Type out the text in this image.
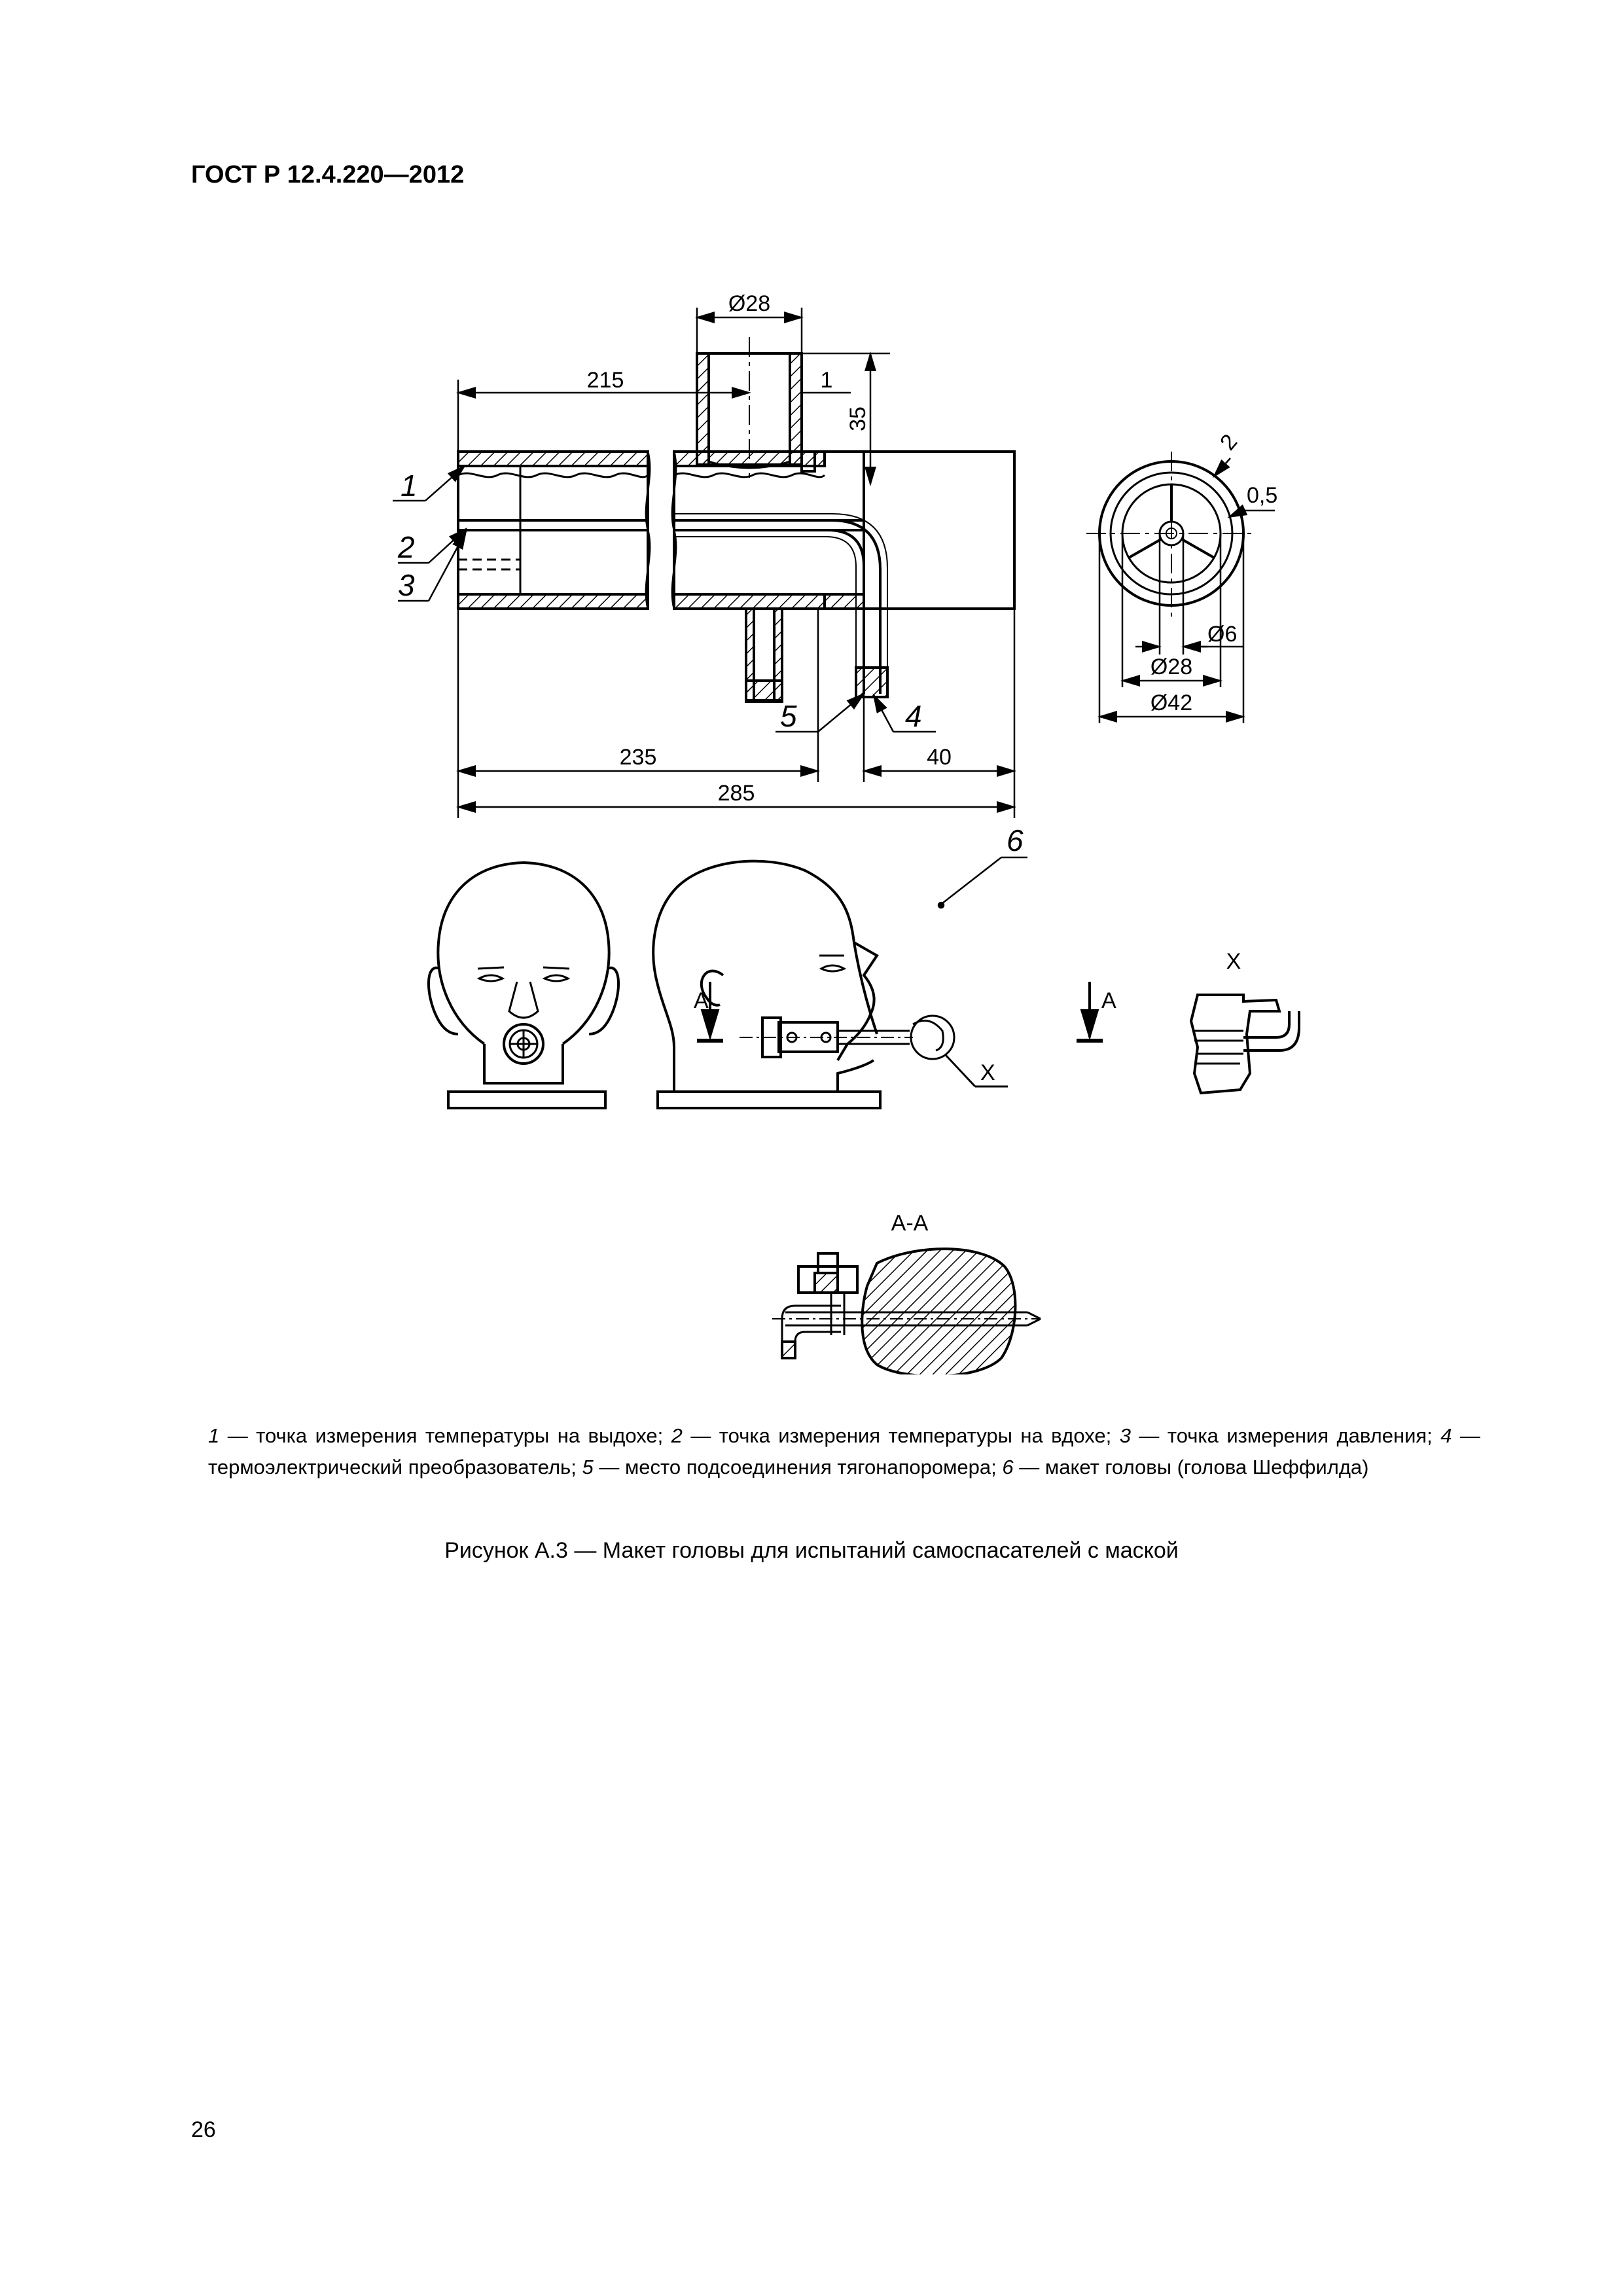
ГОСТ Р 12.4.220—2012
Ø28
215	1
35
235	40
285
1
2
3
4
5
2
0,5
Ø6
Ø28
Ø42
A	A
X
6
X
A-A
1 — точка измерения температуры на выдохе; 2 — точка измерения температуры на вдохе; 3 — точка измерения давления; 4 — термоэлектрический преобразователь; 5 — место подсоединения тягонапоромера; 6 — макет головы (голова Шеффилда)
Рисунок А.3 — Макет головы для испытаний самоспасателей с маской
26
